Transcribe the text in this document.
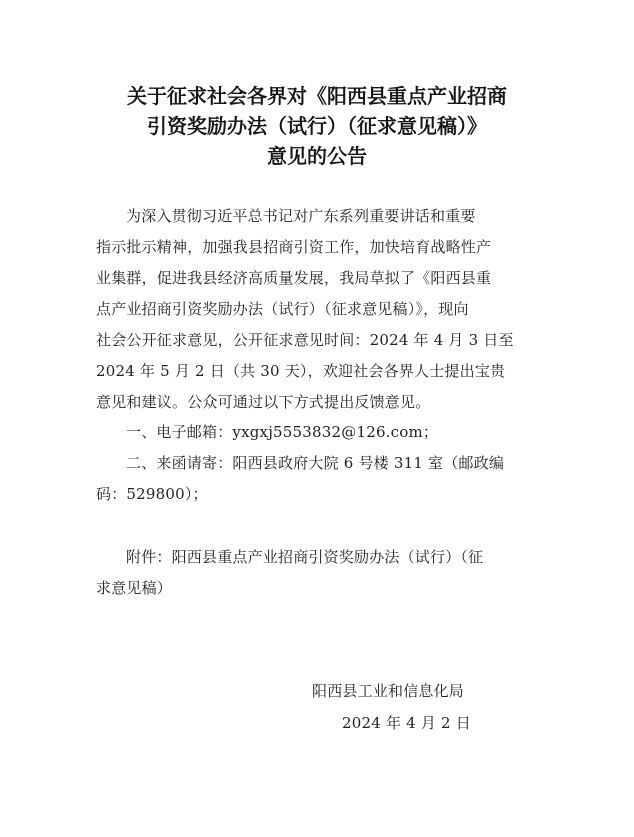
关于征求社会各界对《阳西县重点产业招商
引资奖励办法（试行）（征求意见稿）》
意见的公告
为深入贯彻习近平总书记对广东系列重要讲话和重要
指示批示精神，加强我县招商引资工作，加快培育战略性产
业集群，促进我县经济高质量发展，我局草拟了《阳西县重
点产业招商引资奖励办法（试行）（征求意见稿）》，现向
社会公开征求意见，公开征求意见时间：2024 年 4 月 3 日至
2024 年 5 月 2 日（共 30 天），欢迎社会各界人士提出宝贵
意见和建议。公众可通过以下方式提出反馈意见。
一、电子邮箱：yxgxj5553832@126.com；
二、来函请寄：阳西县政府大院 6 号楼 311 室（邮政编
码：529800）；
附件：阳西县重点产业招商引资奖励办法（试行）（征
求意见稿）
阳西县工业和信息化局
2024 年 4 月 2 日
